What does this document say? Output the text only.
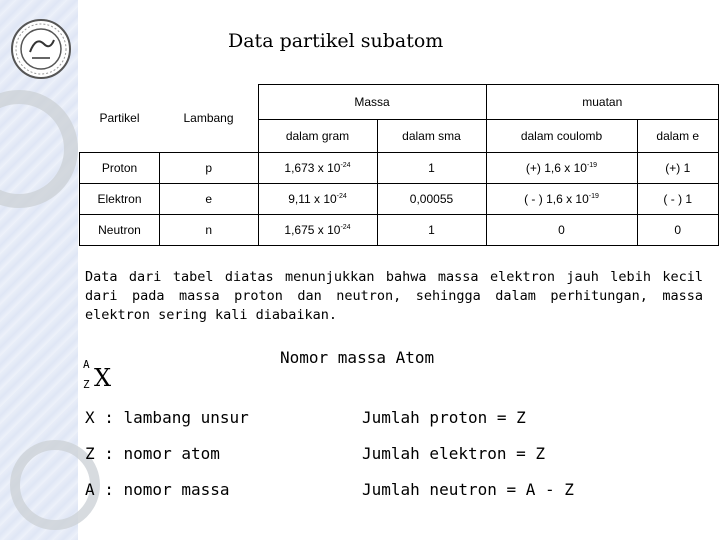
Data partikel subatom
Partikel	Lambang	Massa		muatan	
		dalam gram	dalam sma	dalam coulomb	dalam e
Proton	p	1,673 x $10^{-24}$	1	(+) 1,6 x $10^{-19}$	(+) 1
Elektron	e	9,11 x $10^{-24}$	0,00055	( - ) 1,6 x $10^{-19}$	( - ) 1
Neutron	n	1,675 x $10^{-24}$	1	0	0
Data dari tabel diatas menunjukkan bahwa massa elektron jauh lebih kecil dari pada massa proton dan neutron, sehingga dalam perhitungan, massa elektron sering kali diabaikan.
A
Z X
Nomor massa Atom
X : lambang unsur	Jumlah proton = Z
Z : nomor atom	Jumlah elektron = Z
A : nomor massa	Jumlah neutron = A - Z
